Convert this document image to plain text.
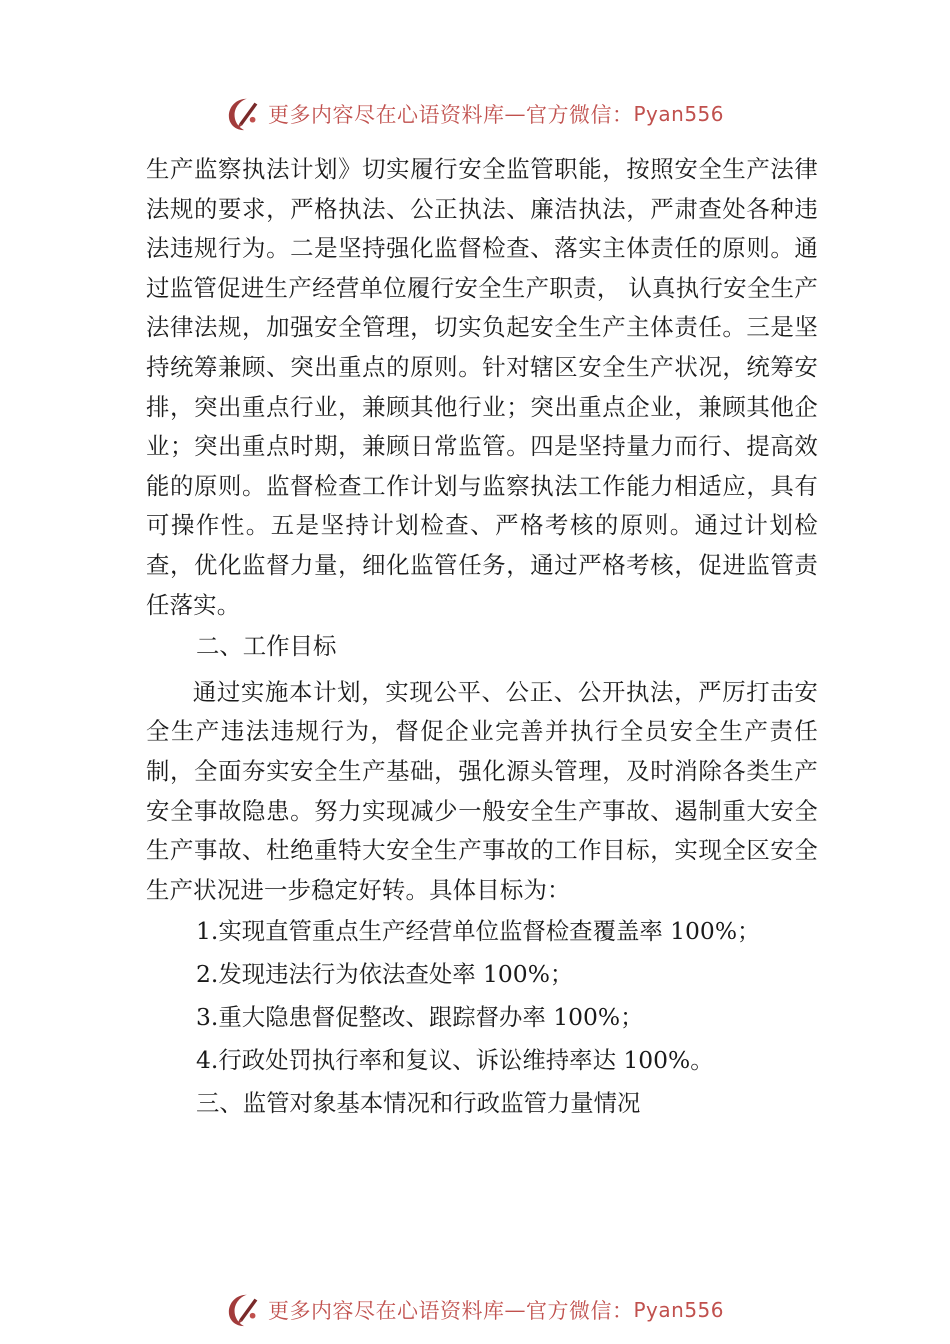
更多内容尽在心语资料库 — 官方微信： Pyan556

生产监察执法计划》切实履行安全监管职能，按照安全生产法律法规的要求，严格执法、公正执法、廉洁执法，严肃查处各种违法违规行为。二是坚持强化监督检查、落实主体责任的原则。通过监管促进生产经营单位履行安全生产职责， 认真执行安全生产法律法规，加强安全管理，切实负起安全生产主体责任。三是坚持统筹兼顾、突出重点的原则。针对辖区安全生产状况，统筹安排，突出重点行业，兼顾其他行业；突出重点企业，兼顾其他企业；突出重点时期，兼顾日常监管。四是坚持量力而行、提高效能的原则。监督检查工作计划与监察执法工作能力相适应，具有可操作性。五是坚持计划检查、严格考核的原则。通过计划检查，优化监督力量，细化监管任务，通过严格考核，促进监管责任落实。

二、工作目标

通过实施本计划，实现公平、公正、公开执法，严厉打击安全生产违法违规行为，督促企业完善并执行全员安全生产责任制，全面夯实安全生产基础，强化源头管理，及时消除各类生产安全事故隐患。努力实现减少一般安全生产事故、遏制重大安全生产事故、杜绝重特大安全生产事故的工作目标，实现全区安全生产状况进一步稳定好转。具体目标为：

1.实现直管重点生产经营单位监督检查覆盖率 100%；

2.发现违法行为依法查处率 100%；

3.重大隐患督促整改、跟踪督办率 100%；

4.行政处罚执行率和复议、诉讼维持率达 100%。

三、监管对象基本情况和行政监管力量情况

更多内容尽在心语资料库 — 官方微信： Pyan556
